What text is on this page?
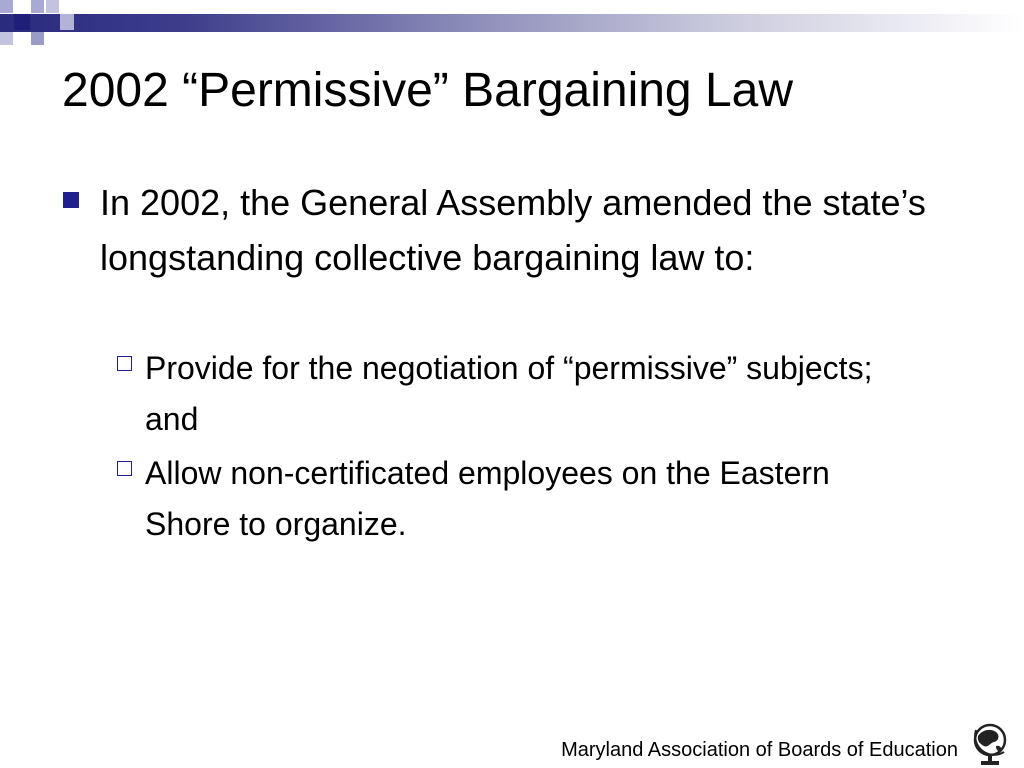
2002 “Permissive” Bargaining Law
In 2002, the General Assembly amended the state’s longstanding collective bargaining law to:
Provide for the negotiation of “permissive” subjects; and
Allow non-certificated employees on the Eastern Shore to organize.
Maryland Association of Boards of Education
